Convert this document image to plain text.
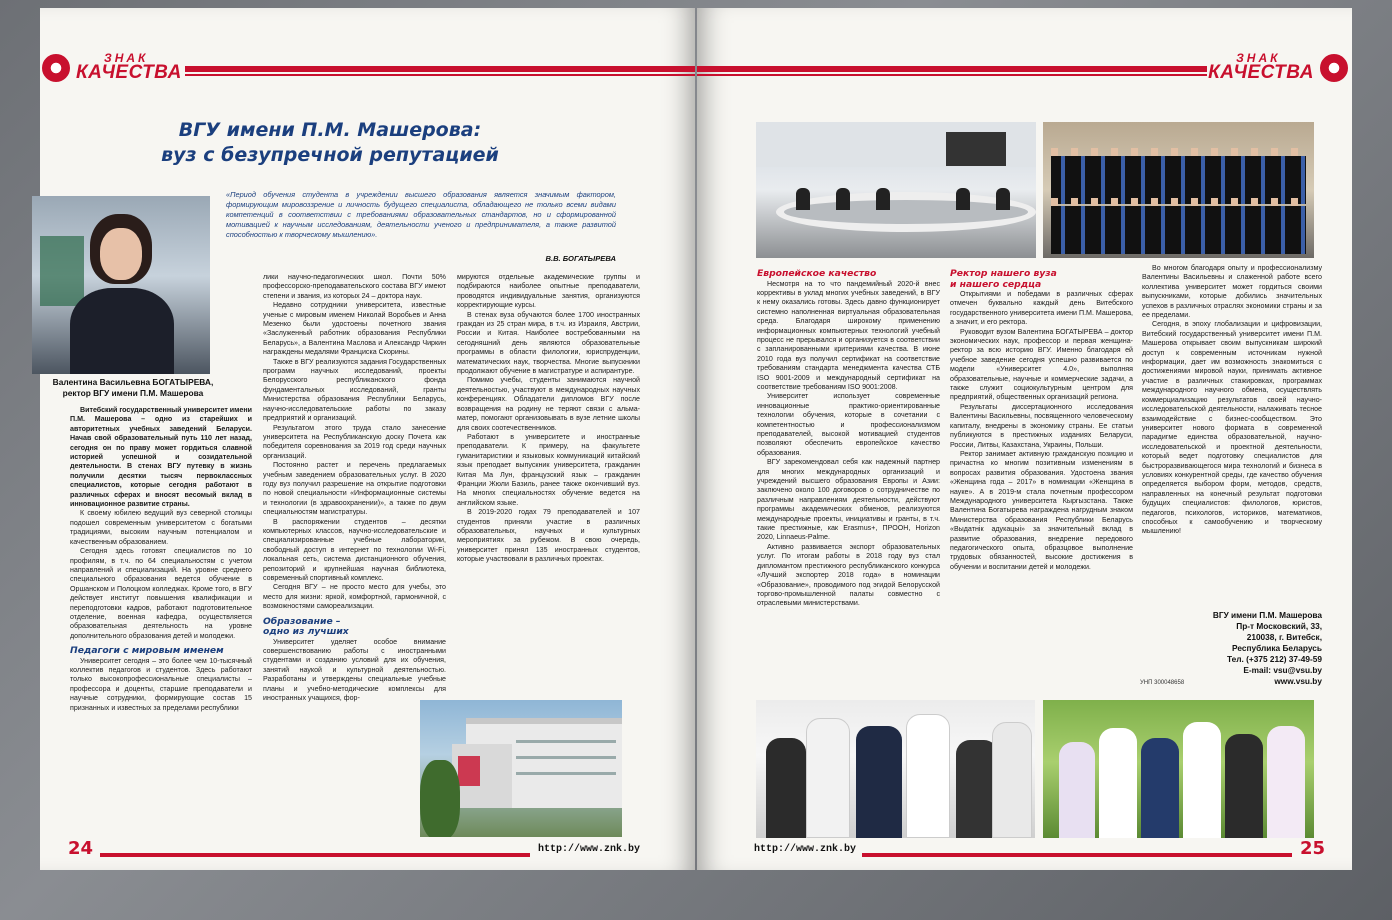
ЗНАК
КАЧЕСТВА
ЗНАК
КАЧЕСТВА
ВГУ имени П.М. Машерова:
вуз с безупречной репутацией
Валентина Васильевна БОГАТЫРЕВА,
ректор ВГУ имени П.М. Машерова
«Период обучения студента в учреждении высшего образования является значимым фактором, формирующим мировоззрение и личность будущего специалиста, обладающего не только всеми видами компетенций в соответствии с требованиями образовательных стандартов, но и сформированной мотивацией к научным исследованиям, деятельности ученого и предпринимателя, а также развитой способностью к творческому мышлению».
В.В. БОГАТЫРЕВА

Витебский государственный университет имени П.М. Машерова – одно из старейших и авторитетных учебных заведений Беларуси. Начав свой образовательный путь 110 лет назад, сегодня он по праву может гордиться славной историей успешной и созидательной деятельности. В стенах ВГУ путевку в жизнь получили десятки тысяч первоклассных специалистов, которые сегодня работают в различных сферах и вносят весомый вклад в инновационное развитие страны.

К своему юбилею ведущий вуз северной столицы подошел современным университетом с богатыми традициями, высоким научным потенциалом и качественным образованием.

Сегодня здесь готовят специалистов по 10 профилям, в т.ч. по 64 специальностям с учетом направлений и специализаций. На уровне среднего специального образования ведется обучение в Оршанском и Полоцком колледжах. Кроме того, в ВГУ действует институт повышения квалификации и переподготовки кадров, работают подготовительное отделение, военная кафедра, осуществляется образовательная деятельность на уровне дополнительного образования детей и молодежи.

Педагоги с мировым именем

Университет сегодня – это более чем 10-тысячный коллектив педагогов и студентов. Здесь работают только высокопрофессиональные специалисты – профессора и доценты, старшие преподаватели и научные сотрудники, формирующие состав 15 признанных и известных за пределами республики

лики научно-педагогических школ. Почти 50% профессорско-преподавательского состава ВГУ имеют степени и звания, из которых 24 – доктора наук.

Недавно сотрудники университета, известные ученые с мировым именем Николай Воробьев и Анна Мезенко были удостоены почетного звания «Заслуженный работник образования Республики Беларусь», а Валентина Маслова и Александр Чиркин награждены медалями Франциска Скорины.

Также в ВГУ реализуются задания Государственных программ научных исследований, проекты Белорусского республиканского фонда фундаментальных исследований, гранты Министерства образования Республики Беларусь, научно-исследовательские работы по заказу предприятий и организаций.

Результатом этого труда стало занесение университета на Республиканскую доску Почета как победителя соревнования за 2019 год среди научных организаций.

Постоянно растет и перечень предлагаемых учебным заведением образовательных услуг. В 2020 году вуз получил разрешение на открытие подготовки по новой специальности «Информационные системы и технологии (в здравоохранении)», а также по двум специальностям магистратуры.

В распоряжении студентов – десятки компьютерных классов, научно-исследовательские и специализированные учебные лаборатории, свободный доступ в интернет по технологии Wi-Fi, локальная сеть, система дистанционного обучения, репозиторий и крупнейшая научная библиотека, современный спортивный комплекс.

Сегодня ВГУ – не просто место для учебы, это место для жизни: яркой, комфортной, гармоничной, с возможностями самореализации.

Образование –
одно из лучших

Университет уделяет особое внимание совершенствованию работы с иностранными студентами и созданию условий для их обучения, занятий наукой и культурной деятельностью. Разработаны и утверждены специальные учебные планы и учебно-методические комплексы для иностранных учащихся, фор-

мируются отдельные академические группы и подбираются наиболее опытные преподаватели, проводятся индивидуальные занятия, организуются корректирующие курсы.

В стенах вуза обучаются более 1700 иностранных граждан из 25 стран мира, в т.ч. из Израиля, Австрии, России и Китая. Наиболее востребованными на сегодняшний день являются образовательные программы в области филологии, юриспруденции, математических наук, творчества. Многие выпускники продолжают обучение в магистратуре и аспирантуре.

Помимо учебы, студенты занимаются научной деятельностью, участвуют в международных научных конференциях. Обладатели дипломов ВГУ после возвращения на родину не теряют связи с альма-матер, помогают организовывать в вузе летние школы для своих соотечественников.

Работают в университете и иностранные преподаватели. К примеру, на факультете гуманитаристики и языковых коммуникаций китайский язык преподает выпускник университета, гражданин Китая Ма Лун, французский язык – гражданин Франции Жюли Базиль, ранее также окончивший вуз. На многих специальностях обучение ведется на английском языке.

В 2019-2020 годах 79 преподавателей и 107 студентов приняли участие в различных образовательных, научных и культурных мероприятиях за рубежом. В свою очередь, университет принял 135 иностранных студентов, которые участвовали в различных проектах.

Европейское качество

Несмотря на то что пандемийный 2020-й внес коррективы в уклад многих учебных заведений, в ВГУ к нему оказались готовы. Здесь давно функционирует системно наполненная виртуальная образовательная среда. Благодаря широкому применению информационных компьютерных технологий учебный процесс не прерывался и организуется в соответствии с запланированными критериями качества. В июне 2010 года вуз получил сертификат на соответствие требованиям стандарта менеджмента качества СТБ ISO 9001-2009 и международный сертификат на соответствие требованиям ISO 9001:2008.

Университет использует современные инновационные практико-ориентированные технологии обучения, которые в сочетании с компетентностью и профессионализмом преподавателей, высокой мотивацией студентов позволяют обеспечить европейское качество образования.

ВГУ зарекомендовал себя как надежный партнер для многих международных организаций и учреждений высшего образования Европы и Азии: заключено около 100 договоров о сотрудничестве по различным направлениям деятельности, действуют программы академических обменов, реализуются международные проекты, инициативы и гранты, в т.ч. такие престижные, как Erasmus+, ПРООН, Horizon 2020, Linnaeus-Palme.

Активно развивается экспорт образовательных услуг. По итогам работы в 2018 году вуз стал дипломантом престижного республиканского конкурса «Лучший экспортер 2018 года» в номинации «Образование», проводимого под эгидой Белорусской торгово-промышленной палаты совместно с отраслевыми министерствами.

Ректор нашего вуза
и нашего сердца

Открытиями и победами в различных сферах отмечен буквально каждый день Витебского государственного университета имени П.М. Машерова, а значит, и его ректора.

Руководит вузом Валентина БОГАТЫРЕВА – доктор экономических наук, профессор и первая женщина-ректор за всю историю ВГУ. Именно благодаря ей учебное заведение сегодня успешно развивается по модели «Университет 4.0», выполняя образовательные, научные и коммерческие задачи, а также служит социокультурным центром для предприятий, общественных организаций региона.

Результаты диссертационного исследования Валентины Васильевны, посвященного человеческому капиталу, внедрены в экономику страны. Ее статьи публикуются в престижных изданиях Беларуси, России, Литвы, Казахстана, Украины, Польши.

Ректор занимает активную гражданскую позицию и причастна ко многим позитивным изменениям в вопросах развития образования. Удостоена звания «Женщина года – 2017» в номинации «Женщина в науке». А в 2019-м стала почетным профессором Международного университета Кыргызстана. Также Валентина Богатырева награждена нагрудным знаком Министерства образования Республики Беларусь «Выдатнік адукацыі» за значительный вклад в развитие образования, внедрение передового педагогического опыта, образцовое выполнение трудовых обязанностей, высокие достижения в обучении и воспитании детей и молодежи.

Во многом благодаря опыту и профессионализму Валентины Васильевны и слаженной работе всего коллектива университет может гордиться своими выпускниками, которые добились значительных успехов в различных отраслях экономики страны и за ее пределами.

Сегодня, в эпоху глобализации и цифровизации, Витебский государственный университет имени П.М. Машерова открывает своим выпускникам широкий доступ к современным источникам нужной информации, дает им возможность знакомиться с достижениями мировой науки, принимать активное участие в различных стажировках, программах международного научного обмена, осуществлять коммерциализацию результатов своей научно-исследовательской деятельности, налаживать тесное взаимодействие с бизнес-сообществом. Это университет нового формата в современной парадигме единства образовательной, научно-исследовательской и проектной деятельности, который ведет подготовку специалистов для быстроразвивающегося мира технологий и бизнеса в условиях конкурентной среды, где качество обучения определяется выбором форм, методов, средств, направленных на конечный результат подготовки будущих специалистов: филологов, юристов, педагогов, психологов, историков, математиков, способных к самообучению и творческому мышлению!

ВГУ имени П.М. Машерова
Пр-т Московский, 33,
210038, г. Витебск,
Республика Беларусь
Тел. (+375 212) 37-49-59
E-mail: vsu@vsu.by
www.vsu.by
УНП 300048658
24	http://www.znk.by	http://www.znk.by	25
